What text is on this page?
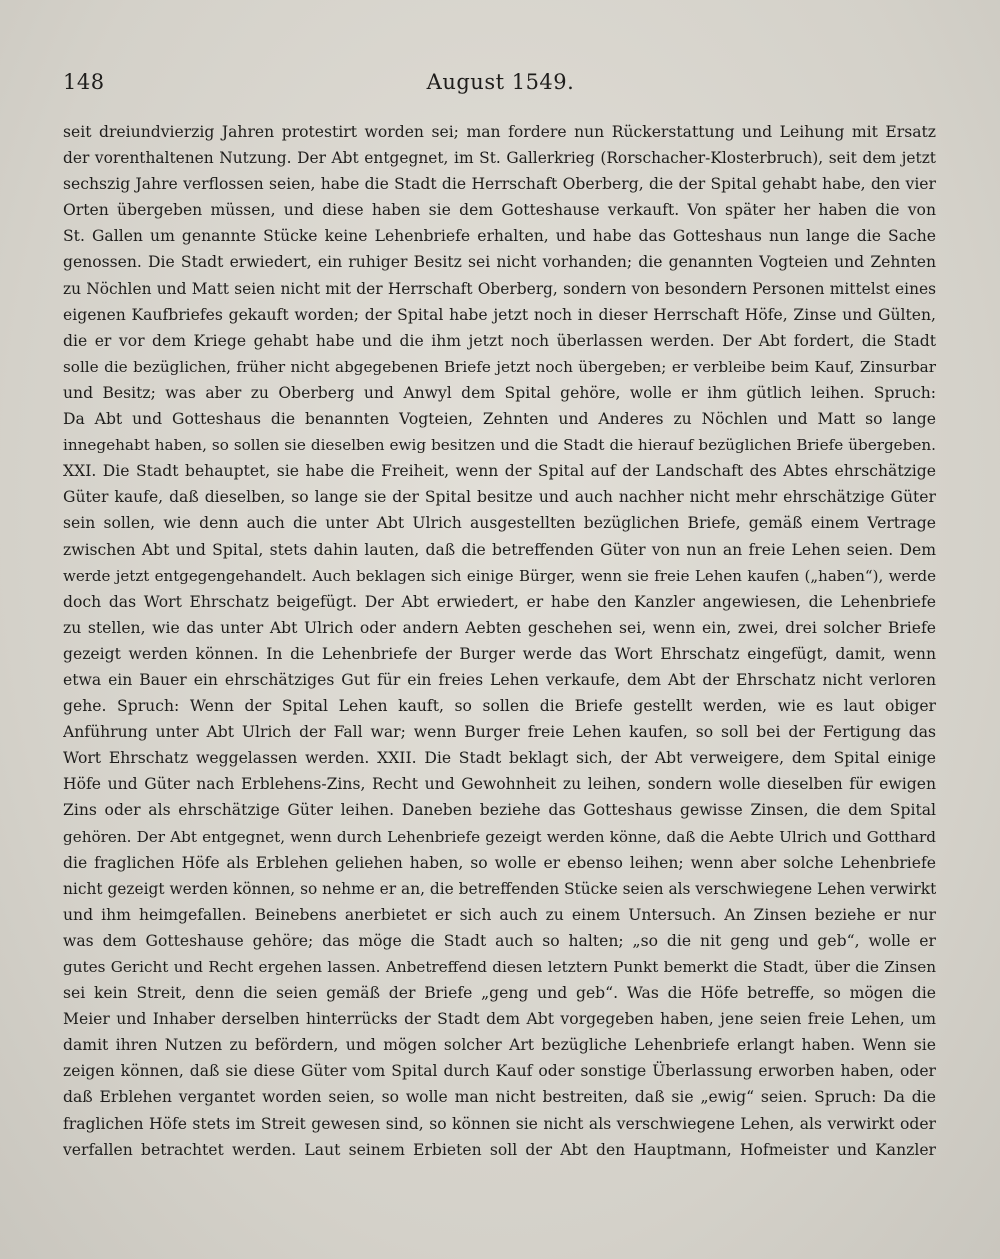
148	August 1549.
seit dreiundvierzig Jahren protestirt worden sei; man fordere nun Rückerstattung und Leihung mit Ersatz
der vorenthaltenen Nutzung. Der Abt entgegnet, im St. Gallerkrieg (Rorschacher-Klosterbruch), seit dem jetzt
sechszig Jahre verflossen seien, habe die Stadt die Herrschaft Oberberg, die der Spital gehabt habe, den vier
Orten übergeben müssen, und diese haben sie dem Gotteshause verkauft. Von später her haben die von
St. Gallen um genannte Stücke keine Lehenbriefe erhalten, und habe das Gotteshaus nun lange die Sache
genossen. Die Stadt erwiedert, ein ruhiger Besitz sei nicht vorhanden; die genannten Vogteien und Zehnten
zu Nöchlen und Matt seien nicht mit der Herrschaft Oberberg, sondern von besondern Personen mittelst eines
eigenen Kaufbriefes gekauft worden; der Spital habe jetzt noch in dieser Herrschaft Höfe, Zinse und Gülten,
die er vor dem Kriege gehabt habe und die ihm jetzt noch überlassen werden. Der Abt fordert, die Stadt
solle die bezüglichen, früher nicht abgegebenen Briefe jetzt noch übergeben; er verbleibe beim Kauf, Zinsurbar
und Besitz; was aber zu Oberberg und Anwyl dem Spital gehöre, wolle er ihm gütlich leihen. Spruch:
Da Abt und Gotteshaus die benannten Vogteien, Zehnten und Anderes zu Nöchlen und Matt so lange
innegehabt haben, so sollen sie dieselben ewig besitzen und die Stadt die hierauf bezüglichen Briefe übergeben.
XXI. Die Stadt behauptet, sie habe die Freiheit, wenn der Spital auf der Landschaft des Abtes ehrschätzige
Güter kaufe, daß dieselben, so lange sie der Spital besitze und auch nachher nicht mehr ehrschätzige Güter
sein sollen, wie denn auch die unter Abt Ulrich ausgestellten bezüglichen Briefe, gemäß einem Vertrage
zwischen Abt und Spital, stets dahin lauten, daß die betreffenden Güter von nun an freie Lehen seien. Dem
werde jetzt entgegengehandelt. Auch beklagen sich einige Bürger, wenn sie freie Lehen kaufen („haben“), werde
doch das Wort Ehrschatz beigefügt. Der Abt erwiedert, er habe den Kanzler angewiesen, die Lehenbriefe
zu stellen, wie das unter Abt Ulrich oder andern Aebten geschehen sei, wenn ein, zwei, drei solcher Briefe
gezeigt werden können. In die Lehenbriefe der Burger werde das Wort Ehrschatz eingefügt, damit, wenn
etwa ein Bauer ein ehrschätziges Gut für ein freies Lehen verkaufe, dem Abt der Ehrschatz nicht verloren
gehe. Spruch: Wenn der Spital Lehen kauft, so sollen die Briefe gestellt werden, wie es laut obiger
Anführung unter Abt Ulrich der Fall war; wenn Burger freie Lehen kaufen, so soll bei der Fertigung das
Wort Ehrschatz weggelassen werden. XXII. Die Stadt beklagt sich, der Abt verweigere, dem Spital einige
Höfe und Güter nach Erblehens-Zins, Recht und Gewohnheit zu leihen, sondern wolle dieselben für ewigen
Zins oder als ehrschätzige Güter leihen. Daneben beziehe das Gotteshaus gewisse Zinsen, die dem Spital
gehören. Der Abt entgegnet, wenn durch Lehenbriefe gezeigt werden könne, daß die Aebte Ulrich und Gotthard
die fraglichen Höfe als Erblehen geliehen haben, so wolle er ebenso leihen; wenn aber solche Lehenbriefe
nicht gezeigt werden können, so nehme er an, die betreffenden Stücke seien als verschwiegene Lehen verwirkt
und ihm heimgefallen. Beinebens anerbietet er sich auch zu einem Untersuch. An Zinsen beziehe er nur
was dem Gotteshause gehöre; das möge die Stadt auch so halten; „so die nit geng und geb“, wolle er
gutes Gericht und Recht ergehen lassen. Anbetreffend diesen letztern Punkt bemerkt die Stadt, über die Zinsen
sei kein Streit, denn die seien gemäß der Briefe „geng und geb“. Was die Höfe betreffe, so mögen die
Meier und Inhaber derselben hinterrücks der Stadt dem Abt vorgegeben haben, jene seien freie Lehen, um
damit ihren Nutzen zu befördern, und mögen solcher Art bezügliche Lehenbriefe erlangt haben. Wenn sie
zeigen können, daß sie diese Güter vom Spital durch Kauf oder sonstige Überlassung erworben haben, oder
daß Erblehen vergantet worden seien, so wolle man nicht bestreiten, daß sie „ewig“ seien. Spruch: Da die
fraglichen Höfe stets im Streit gewesen sind, so können sie nicht als verschwiegene Lehen, als verwirkt oder
verfallen betrachtet werden. Laut seinem Erbieten soll der Abt den Hauptmann, Hofmeister und Kanzler
